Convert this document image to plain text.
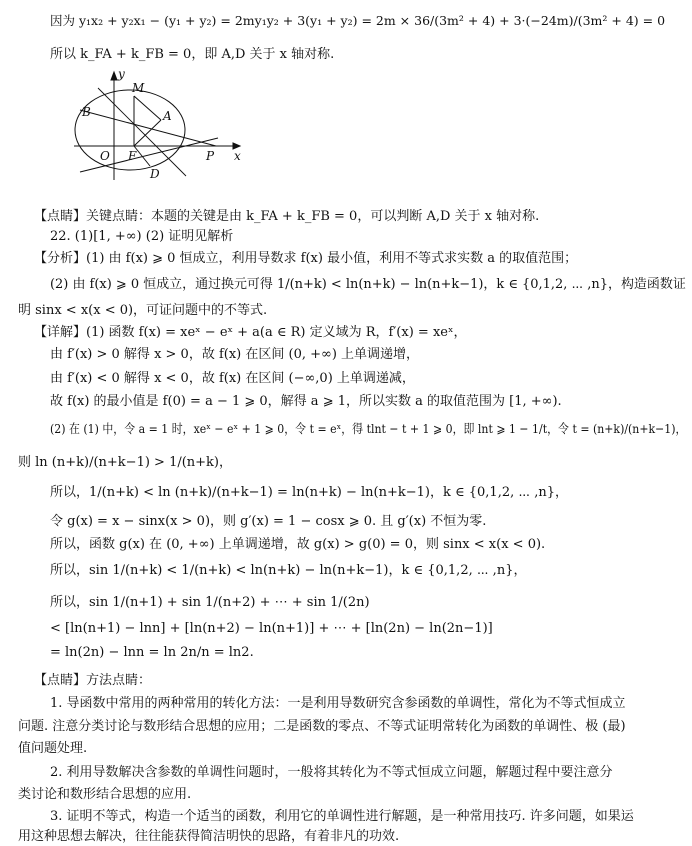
因为 y₁x₂ + y₂x₁ − (y₁ + y₂) = 2my₁y₂ + 3(y₁ + y₂) = 2m × 36/(3m² + 4) + 3·(−24m)/(3m² + 4) = 0
所以 k_FA + k_FB = 0，即 A,D 关于 x 轴对称.
y
x
M
A
B
O F
D
P
【点睛】关键点睛：本题的关键是由 k_FA + k_FB = 0，可以判断 A,D 关于 x 轴对称.
22. (1)[1, +∞) (2) 证明见解析
【分析】(1) 由 f(x) ⩾ 0 恒成立，利用导数求 f(x) 最小值，利用不等式求实数 a 的取值范围；
(2) 由 f(x) ⩾ 0 恒成立，通过换元可得 1/(n+k) < ln(n+k) − ln(n+k−1)，k ∈ {0,1,2, ⋯ ,n}，构造函数证
明 sinx < x(x < 0)，可证问题中的不等式.
【详解】(1) 函数 f(x) = xeˣ − eˣ + a(a ∈ R) 定义域为 R，f′(x) = xeˣ，
由 f′(x) > 0 解得 x > 0，故 f(x) 在区间 (0, +∞) 上单调递增，
由 f′(x) < 0 解得 x < 0，故 f(x) 在区间 (−∞,0) 上单调递减，
故 f(x) 的最小值是 f(0) = a − 1 ⩾ 0，解得 a ⩾ 1，所以实数 a 的取值范围为 [1, +∞).
(2) 在 (1) 中，令 a = 1 时，xeˣ − eˣ + 1 ⩾ 0，令 t = eˣ，得 tlnt − t + 1 ⩾ 0，即 lnt ⩾ 1 − 1/t，令 t = (n+k)/(n+k−1)，
则 ln (n+k)/(n+k−1) > 1/(n+k)，
所以，1/(n+k) < ln (n+k)/(n+k−1) = ln(n+k) − ln(n+k−1)，k ∈ {0,1,2, ⋯ ,n}，
令 g(x) = x − sinx(x > 0)，则 g′(x) = 1 − cosx ⩾ 0. 且 g′(x) 不恒为零.
所以，函数 g(x) 在 (0, +∞) 上单调递增，故 g(x) > g(0) = 0，则 sinx < x(x < 0).
所以，sin 1/(n+k) < 1/(n+k) < ln(n+k) − ln(n+k−1)，k ∈ {0,1,2, ⋯ ,n}，
所以，sin 1/(n+1) + sin 1/(n+2) + ⋯ + sin 1/(2n)
< [ln(n+1) − lnn] + [ln(n+2) − ln(n+1)] + ⋯ + [ln(2n) − ln(2n−1)]
= ln(2n) − lnn = ln 2n/n = ln2.
【点睛】方法点睛：
1. 导函数中常用的两种常用的转化方法：一是利用导数研究含参函数的单调性，常化为不等式恒成立
问题. 注意分类讨论与数形结合思想的应用；二是函数的零点、不等式证明常转化为函数的单调性、极 (最)
值问题处理.
2. 利用导数解决含参数的单调性问题时，一般将其转化为不等式恒成立问题，解题过程中要注意分
类讨论和数形结合思想的应用.
3. 证明不等式，构造一个适当的函数，利用它的单调性进行解题，是一种常用技巧. 许多问题，如果运
用这种思想去解决，往往能获得简洁明快的思路，有着非凡的功效.
